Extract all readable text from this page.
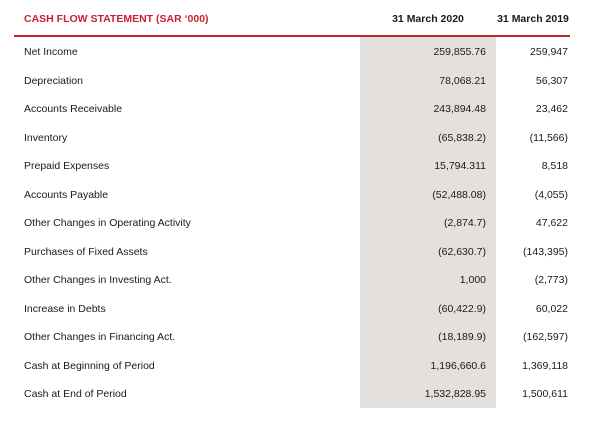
CASH FLOW STATEMENT (SAR ‘000)	31 March 2020	31 March 2019
Net Income	259,855.76	259,947
Depreciation	78,068.21	56,307
Accounts Receivable	243,894.48	23,462
Inventory	(65,838.2)	(11,566)
Prepaid Expenses	15,794.311	8,518
Accounts Payable	(52,488.08)	(4,055)
Other Changes in Operating Activity	(2,874.7)	47,622
Purchases of Fixed Assets	(62,630.7)	(143,395)
Other Changes in Investing Act.	1,000	(2,773)
Increase in Debts	(60,422.9)	60,022
Other Changes in Financing Act.	(18,189.9)	(162,597)
Cash at Beginning of Period	1,196,660.6	1,369,118
Cash at End of Period	1,532,828.95	1,500,611
